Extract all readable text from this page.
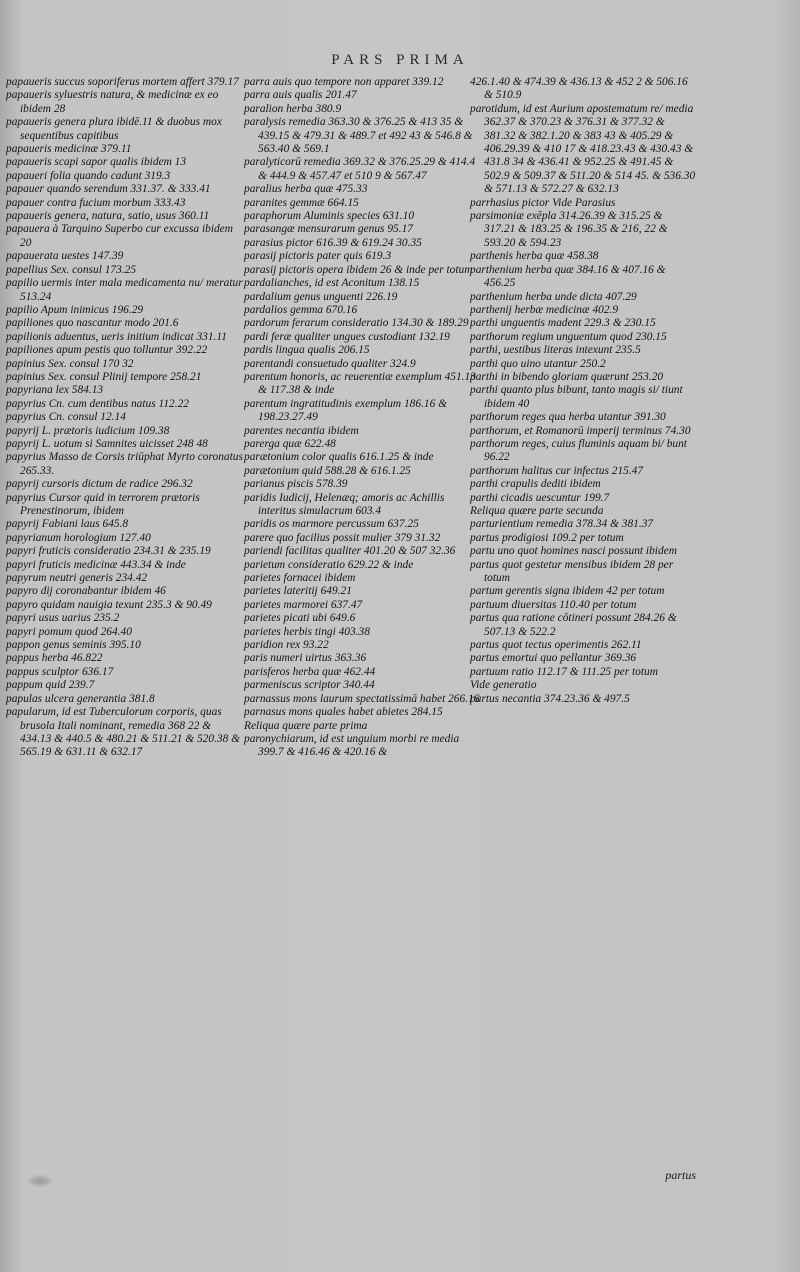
PARS PRIMA

papaueris succus soporiferus mortem affert 379.17

papaueris syluestris natura, & medicinæ ex eo ibidem 28

papaueris genera plura ibidē.11 & duobus mox sequentibus capitibus

papaueris medicinæ 379.11

papaueris scapi sapor qualis ibidem 13

papaueri folia quando cadunt 319.3

papauer quando serendum 331.37. & 333.41

papauer contra fucium morbum 333.43

papaueris genera, natura, satio, usus 360.11

papauera à Tarquino Superbo cur excussa ibidem 20

papauerata uestes 147.39

papellius Sex. consul 173.25

papilio uermis inter mala medicamenta nu/ meratur 513.24

papilio Apum inimicus 196.29

papiliones quo nascantur modo 201.6

papilionis aduentus, ueris initium indicat 331.11

papiliones apum pestis quo tolluntur 392.22

papinius Sex. consul 170 32

papinius Sex. consul Plinij tempore 258.21

papyriana lex 584.13

papyrius Cn. cum dentibus natus 112.22

papyrius Cn. consul 12.14

papyrij L. prætoris iudicium 109.38

papyrij L. uotum si Samnites uicisset 248 48

papyrius Masso de Corsis triūphat Myrto coronatus 265.33.

papyrij cursoris dictum de radice 296.32

papyrius Cursor quid in terrorem prætoris Prenestinorum, ibidem

papyrij Fabiani laus 645.8

papyrianum horologium 127.40

papyri fruticis consideratio 234.31 & 235.19

papyri fruticis medicinæ 443.34 & inde

papyrum neutri generis 234.42

papyro dij coronabantur ibidem 46

papyro quidam nauigia texunt 235.3 & 90.49

papyri usus uarius 235.2

papyri pomum quod 264.40

pappon genus seminis 395.10

pappus herba 46.822

pappus sculptor 636.17

pappum quid 239.7

papulas ulcera generantia 381.8

papularum, id est Tuberculorum corporis, quas brusola Itali nominant, remedia 368 22 & 434.13 & 440.5 & 480.21 & 511.21 & 520.38 & 565.19 & 631.11 & 632.17

parra auis quo tempore non apparet 339.12

parra auis qualis 201.47

paralion herba 380.9

paralysis remedia 363.30 & 376.25 & 413 35 & 439.15 & 479.31 & 489.7 et 492 43 & 546.8 & 563.40 & 569.1

paralyticorū remedia 369.32 & 376.25.29 & 414.4 & 444.9 & 457.47 et 510 9 & 567.47

paralius herba quæ 475.33

paranites gemmæ 664.15

paraphorum Aluminis species 631.10

parasangæ mensurarum genus 95.17

parasius pictor 616.39 & 619.24 30.35

parasij pictoris pater quis 619.3

parasij pictoris opera ibidem 26 & inde per totum

pardalianches, id est Aconitum 138.15

pardalium genus unguenti 226.19

pardalios gemma 670.16

pardorum ferarum consideratio 134.30 & 189.29

pardi feræ qualiter ungues custodiant 132.19

pardis lingua qualis 206.15

parentandi consuetudo qualiter 324.9

parentum honoris, ac reuerentiæ exemplum 451.13 & 117.38 & inde

parentum ingratitudinis exemplum 186.16 & 198.23.27.49

parentes necantia ibidem

parerga quæ 622.48

parætonium color qualis 616.1.25 & inde

parætonium quid 588.28 & 616.1.25

parianus piscis 578.39

paridis Iudicij, Helenæq; amoris ac Achillis interitus simulacrum 603.4

paridis os marmore percussum 637.25

parere quo facilius possit mulier 379 31.32

pariendi facilitas qualiter 401.20 & 507 32.36

parietum consideratio 629.22 & inde

parietes fornacei ibidem

parietes lateritij 649.21

parietes marmorei 637.47

parietes picati ubi 649.6

parietes herbis tingi 403.38

paridion rex 93.22

paris numeri uirtus 363.36

parisferos herba quæ 462.44

parmeniscus scriptor 340.44

parnassus mons laurum spectatissimā habet 266.16

parnasus mons quales habet abietes 284.15

Reliqua quære parte prima

paronychiarum, id est unguium morbi re media 399.7 & 416.46 & 420.16 &

426.1.40 & 474.39 & 436.13 & 452 2 & 506.16 & 510.9

parotidum, id est Aurium apostematum re/ media 362.37 & 370.23 & 376.31 & 377.32 & 381.32 & 382.1.20 & 383 43 & 405.29 & 406.29.39 & 410 17 & 418.23.43 & 430.43 & 431.8 34 & 436.41 & 952.25 & 491.45 & 502.9 & 509.37 & 511.20 & 514 45. & 536.30 & 571.13 & 572.27 & 632.13

parrhasius pictor Vide Parasius

parsimoniæ exēpla 314.26.39 & 315.25 & 317.21 & 183.25 & 196.35 & 216, 22 & 593.20 & 594.23

parthenis herba quæ 458.38

parthenium herba quæ 384.16 & 407.16 & 456.25

parthenium herba unde dicta 407.29

parthenij herbæ medicinæ 402.9

parthi unguentis madent 229.3 & 230.15

parthorum regium unguentum quod 230.15

parthi, uestibus literas intexunt 235.5

parthi quo uino utantur 250.2

parthi in bibendo gloriam quærunt 253.20

parthi quanto plus bibunt, tanto magis si/ tiunt ibidem 40

parthorum reges qua herba utantur 391.30

parthorum, et Romanorū imperij terminus 74.30

parthorum reges, cuius fluminis aquam bi/ bunt 96.22

parthorum halitus cur infectus 215.47

parthi crapulis dediti ibidem

parthi cicadis uescuntur 199.7

Reliqua quære parte secunda

parturientium remedia 378.34 & 381.37

partus prodigiosi 109.2 per totum

partu uno quot homines nasci possunt ibidem

partus quot gestetur mensibus ibidem 28 per totum

partum gerentis signa ibidem 42 per totum

partuum diuersitas 110.40 per totum

partus qua ratione cōtineri possunt 284.26 & 507.13 & 522.2

partus quot tectus operimentis 262.11

partus emortui quo pellantur 369.36

partuum ratio 112.17 & 111.25 per totum

Vide generatio

partus necantia 374.23.36 & 497.5

partus
